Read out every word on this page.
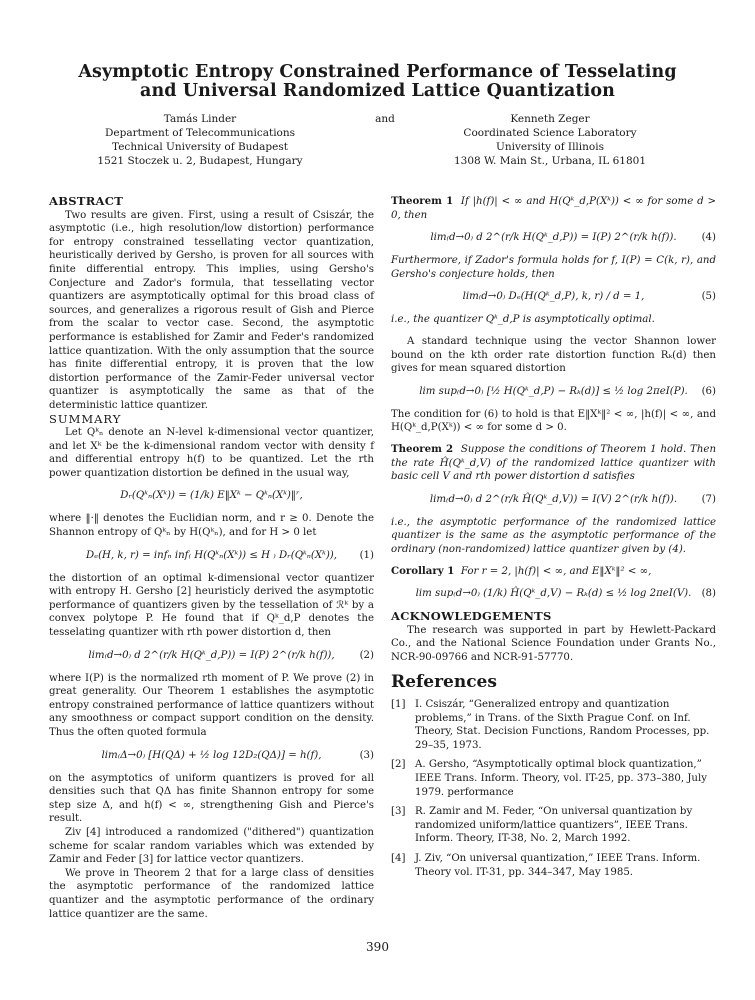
Asymptotic Entropy Constrained Performance of Tesselating
and Universal Randomized Lattice Quantization
Tamás Linder
Department of Telecommunications
Technical University of Budapest
1521 Stoczek u. 2, Budapest, Hungary
and	Kenneth Zeger
Coordinated Science Laboratory
University of Illinois
1308 W. Main St., Urbana, IL 61801
ABSTRACT

Two results are given. First, using a result of Csiszár, the asymptotic (i.e., high resolution/low distortion) performance for entropy constrained tessellating vector quantization, heuristically derived by Gersho, is proven for all sources with finite differential entropy. This implies, using Gersho's Conjecture and Zador's formula, that tessellating vector quantizers are asymptotically optimal for this broad class of sources, and generalizes a rigorous result of Gish and Pierce from the scalar to vector case. Second, the asymptotic performance is established for Zamir and Feder's randomized lattice quantization. With the only assumption that the source has finite differential entropy, it is proven that the low distortion performance of the Zamir-Feder universal vector quantizer is asymptotically the same as that of the deterministic lattice quantizer.

SUMMARY

Let Qᵏₙ denote an N-level k-dimensional vector quantizer, and let Xᵏ be the k-dimensional random vector with density f and differential entropy h(f) to be quantized. Let the rth power quantization distortion be defined in the usual way,

Dᵣ(Qᵏₙ(Xᵏ)) = (1/k) E‖Xᵏ − Qᵏₙ(Xᵏ)‖ʳ,

where ‖·‖ denotes the Euclidian norm, and r ≥ 0. Denote the Shannon entropy of Qᵏₙ by H(Qᵏₙ), and for H > 0 let

Dₑ(H, k, r) = infₙ inf₍ H(Qᵏₙ(Xᵏ)) ≤ H ₎ Dᵣ(Qᵏₙ(Xᵏ)), (1)

the distortion of an optimal k-dimensional vector quantizer with entropy H. Gersho [2] heuristicly derived the asymptotic performance of quantizers given by the tessellation of ℛᵏ by a convex polytope P. He found that if Qᵏ_d,P denotes the tesselating quantizer with rth power distortion d, then

lim₍d→0₎ d 2^(r/k H(Qᵏ_d,P)) = I(P) 2^(r/k h(f)), (2)

where I(P) is the normalized rth moment of P. We prove (2) in great generality. Our Theorem 1 establishes the asymptotic entropy constrained performance of lattice quantizers without any smoothness or compact support condition on the density. Thus the often quoted formula

lim₍Δ→0₎ [H(QΔ) + ½ log 12D₂(QΔ)] = h(f),	(3)

on the asymptotics of uniform quantizers is proved for all densities such that QΔ has finite Shannon entropy for some step size Δ, and h(f) < ∞, strengthening Gish and Pierce's result.

Ziv [4] introduced a randomized ("dithered") quantization scheme for scalar random variables which was extended by Zamir and Feder [3] for lattice vector quantizers.

We prove in Theorem 2 that for a large class of densities the asymptotic performance of the randomized lattice quantizer and the asymptotic performance of the ordinary lattice quantizer are the same.

Theorem 1 If |h(f)| < ∞ and H(Qᵏ_d,P(Xᵏ)) < ∞ for some d > 0, then

lim₍d→0₎ d 2^(r/k H(Qᵏ_d,P)) = I(P) 2^(r/k h(f)). (4)

Furthermore, if Zador's formula holds for f, I(P) = C(k, r), and Gersho's conjecture holds, then

lim₍d→0₎ Dₑ(H(Qᵏ_d,P), k, r) / d = 1,	(5)

i.e., the quantizer Qᵏ_d,P is asymptotically optimal.

A standard technique using the vector Shannon lower bound on the kth order rate distortion function Rₖ(d) then gives for mean squared distortion

lim sup₍d→0₎ [½ H(Qᵏ_d,P) − Rₖ(d)] ≤ ½ log 2πeI(P). (6)

The condition for (6) to hold is that E‖Xᵏ‖² < ∞, |h(f)| < ∞, and H(Qᵏ_d,P(Xᵏ)) < ∞ for some d > 0.

Theorem 2 Suppose the conditions of Theorem 1 hold. Then the rate Ĥ(Qᵏ_d,V) of the randomized lattice quantizer with basic cell V and rth power distortion d satisfies

lim₍d→0₎ d 2^(r/k Ĥ(Qᵏ_d,V)) = I(V) 2^(r/k h(f)). (7)

i.e., the asymptotic performance of the randomized lattice quantizer is the same as the asymptotic performance of the ordinary (non-randomized) lattice quantizer given by (4).

Corollary 1 For r = 2, |h(f)| < ∞, and E‖Xᵏ‖² < ∞,

lim sup₍d→0₎ (1/k) Ĥ(Qᵏ_d,V) − Rₖ(d) ≤ ½ log 2πeI(V). (8)
ACKNOWLEDGEMENTS

The research was supported in part by Hewlett-Packard Co., and the National Science Foundation under Grants No., NCR-90-09766 and NCR-91-57770.

References
[1] I. Csiszár, “Generalized entropy and quantization problems,” in Trans. of the Sixth Prague Conf. on Inf. Theory, Stat. Decision Functions, Random Processes, pp. 29–35, 1973.
[2] A. Gersho, “Asymptotically optimal block quantization,” IEEE Trans. Inform. Theory, vol. IT-25, pp. 373–380, July 1979. performance
[3] R. Zamir and M. Feder, “On universal quantization by randomized uniform/lattice quantizers”, IEEE Trans. Inform. Theory, IT-38, No. 2, March 1992.
[4] J. Ziv, “On universal quantization,” IEEE Trans. Inform. Theory vol. IT-31, pp. 344–347, May 1985.
390
